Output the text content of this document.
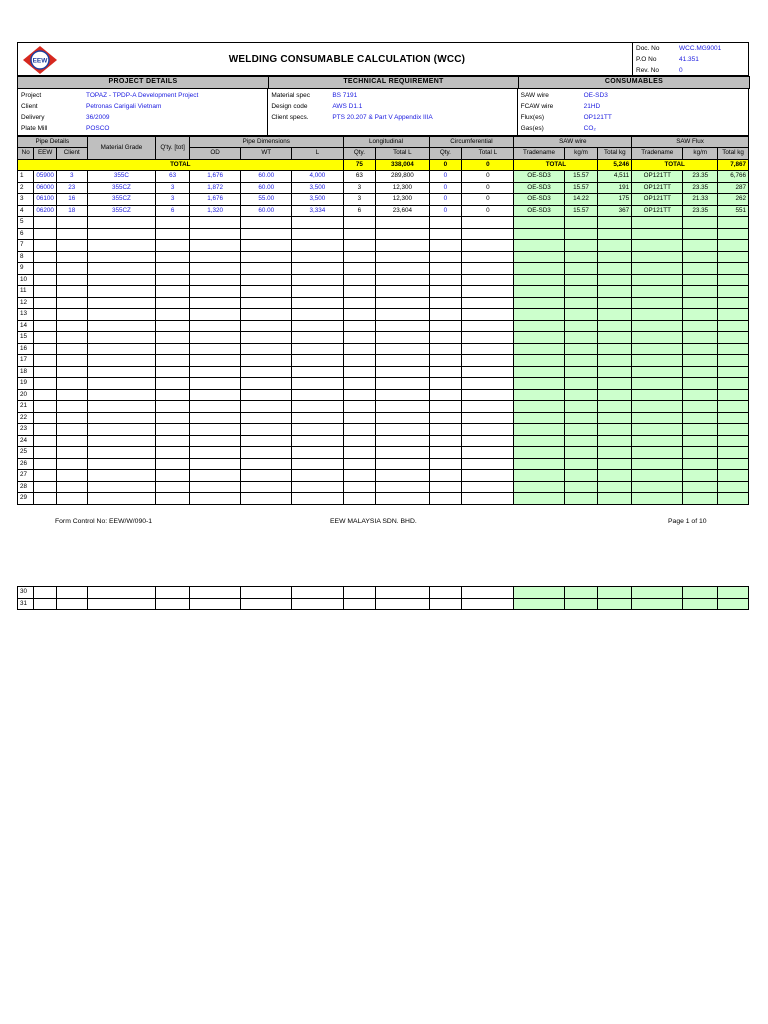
EEW	WELDING CONSUMABLE CALCULATION (WCC)
Doc. No	WCC.MG9001
P.O No	41.351
Rev. No	0
PROJECT DETAILS	TECHNICAL REQUIREMENT	CONSUMABLES
Project	TOPAZ - TPDP-A Development Project
Client	Petronas Carigali Vietnam
Delivery	36/2009
Plate Mill	POSCO
Material spec	BS 7191
Design code	AWS D1.1
Client specs.	PTS 20.207 & Part V Appendix IIIA
SAW wire	OE-SD3
FCAW wire	21HD
Flux(es)	OP121TT
Gas(es)	CO₂
Pipe Details			Material Grade	Q'ty. [tot]	Pipe Dimensions			Longitudinal		Circumferential		SAW wire			SAW Flux		
No	EEW	Client			OD	WT	L	Qty.	Total L	Qty.	Total L	Tradename	kg/m	Total kg	Tradename	kg/m	Total kg
TOTAL								75	338,004	0	0	TOTAL		5,246	TOTAL		7,867
1	05900	3	355C	63	1,676	60.00	4,000	63	289,800	0	0	OE-SD3	15.57	4,511	OP121TT	23.35	6,766
2	06000	23	355CZ	3	1,872	60.00	3,500	3	12,300	0	0	OE-SD3	15.57	191	OP121TT	23.35	287
3	06100	16	355CZ	3	1,676	55.00	3,500	3	12,300	0	0	OE-SD3	14.22	175	OP121TT	21.33	262
4	06200	18	355CZ	6	1,320	60.00	3,334	6	23,604	0	0	OE-SD3	15.57	367	OP121TT	23.35	551
5																	
6																	
7																	
8																	
9																	
10																	
11																	
12																	
13																	
14																	
15																	
16																	
17																	
18																	
19																	
20																	
21																	
22																	
23																	
24																	
25																	
26																	
27																	
28																	
29																	
Form Control No: EEW/W/090-1	EEW MALAYSIA SDN. BHD.	Page 1 of 10
30																	
31																	
